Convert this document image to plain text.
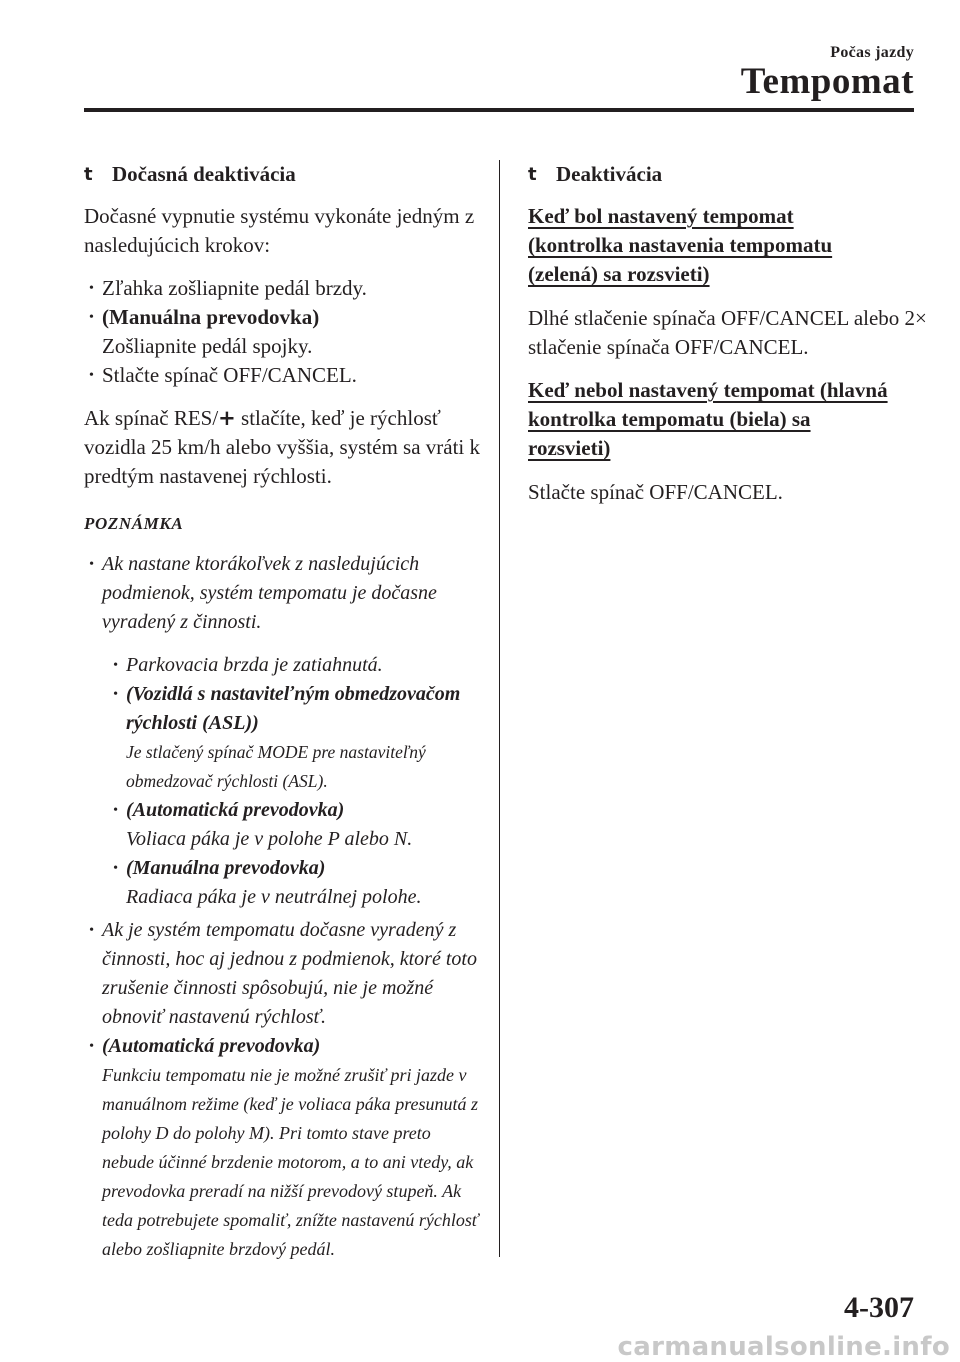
Počas jazdy
Tempomat
t Dočasná deaktivácia

Dočasné vypnutie systému vykonáte jedným z nasledujúcich krokov:

• Zľahka zošliapnite pedál brzdy.
• (Manuálna prevodovka)
Zošliapnite pedál spojky.
• Stlačte spínač OFF/CANCEL.

Ak spínač RES/+ stlačíte, keď je rýchlosť vozidla 25 km/h alebo vyššia, systém sa vráti k predtým nastavenej rýchlosti.

POZNÁMKA
• Ak nastane ktorákoľvek z nasledujúcich podmienok, systém tempomatu je dočasne vyradený z činnosti.
• Parkovacia brzda je zatiahnutá.
• (Vozidlá s nastaviteľným obmedzovačom rýchlosti (ASL))
Je stlačený spínač MODE pre nastaviteľný obmedzovač rýchlosti (ASL).
• (Automatická prevodovka)
Voliaca páka je v polohe P alebo N.
• (Manuálna prevodovka)
Radiaca páka je v neutrálnej polohe.
• Ak je systém tempomatu dočasne vyradený z činnosti, hoc aj jednou z podmienok, ktoré toto zrušenie činnosti spôsobujú, nie je možné obnoviť nastavenú rýchlosť.
• (Automatická prevodovka)
Funkciu tempomatu nie je možné zrušiť pri jazde v manuálnom režime (keď je voliaca páka presunutá z polohy D do polohy M). Pri tomto stave preto nebude účinné brzdenie motorom, a to ani vtedy, ak prevodovka preradí na nižší prevodový stupeň. Ak teda potrebujete spomaliť, znížte nastavenú rýchlosť alebo zošliapnite brzdový pedál.
t Deaktivácia
Keď bol nastavený tempomat
(kontrolka nastavenia tempomatu
(zelená) sa rozsvieti)

Dlhé stlačenie spínača OFF/CANCEL alebo 2× stlačenie spínača OFF/CANCEL.

Keď nebol nastavený tempomat (hlavná
kontrolka tempomatu (biela) sa
rozsvieti)

Stlačte spínač OFF/CANCEL.

4-307
carmanualsonline.info
